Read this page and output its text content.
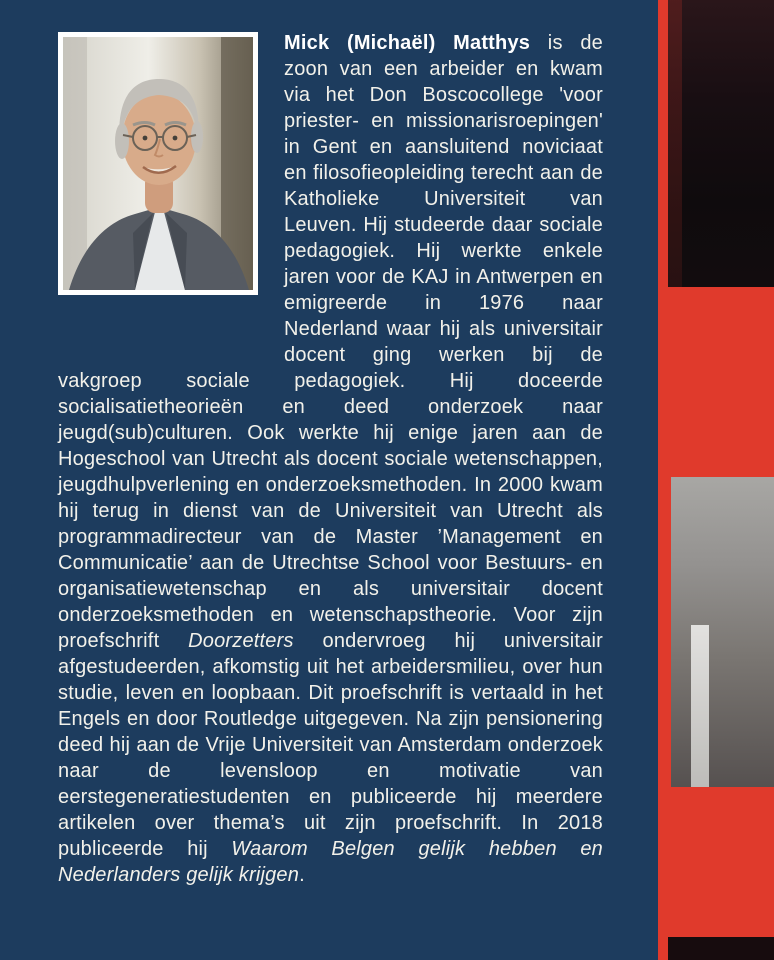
Mick (Michaël) Matthys is de zoon van een arbeider en kwam via het Don Boscocollege 'voor priester- en missionarisroepingen' in Gent en aansluitend noviciaat en filosofieopleiding terecht aan de Katholieke Universiteit van Leuven. Hij studeerde daar sociale pedagogiek. Hij werkte enkele jaren voor de KAJ in Antwerpen en emigreerde in 1976 naar Nederland waar hij als universitair docent ging werken bij de vakgroep sociale pedagogiek. Hij doceerde socialisatietheorieën en deed onderzoek naar jeugd(sub)culturen. Ook werkte hij enige jaren aan de Hogeschool van Utrecht als docent sociale wetenschappen, jeugdhulpverlening en onderzoeksmethoden. In 2000 kwam hij terug in dienst van de Universiteit van Utrecht als programmadirecteur van de Master ’Management en Communicatie’ aan de Utrechtse School voor Bestuurs- en organisatiewetenschap en als universitair docent onderzoeksmethoden en wetenschapstheorie. Voor zijn proefschrift Doorzetters ondervroeg hij universitair afgestudeerden, afkomstig uit het arbeidersmilieu, over hun studie, leven en loopbaan. Dit proefschrift is vertaald in het Engels en door Routledge uitgegeven. Na zijn pensionering deed hij aan de Vrije Universiteit van Amsterdam onderzoek naar de levensloop en motivatie van eerstegeneratiestudenten en publiceerde hij meerdere artikelen over thema’s uit zijn proefschrift. In 2018 publiceerde hij Waarom Belgen gelijk hebben en Nederlanders gelijk krijgen.
